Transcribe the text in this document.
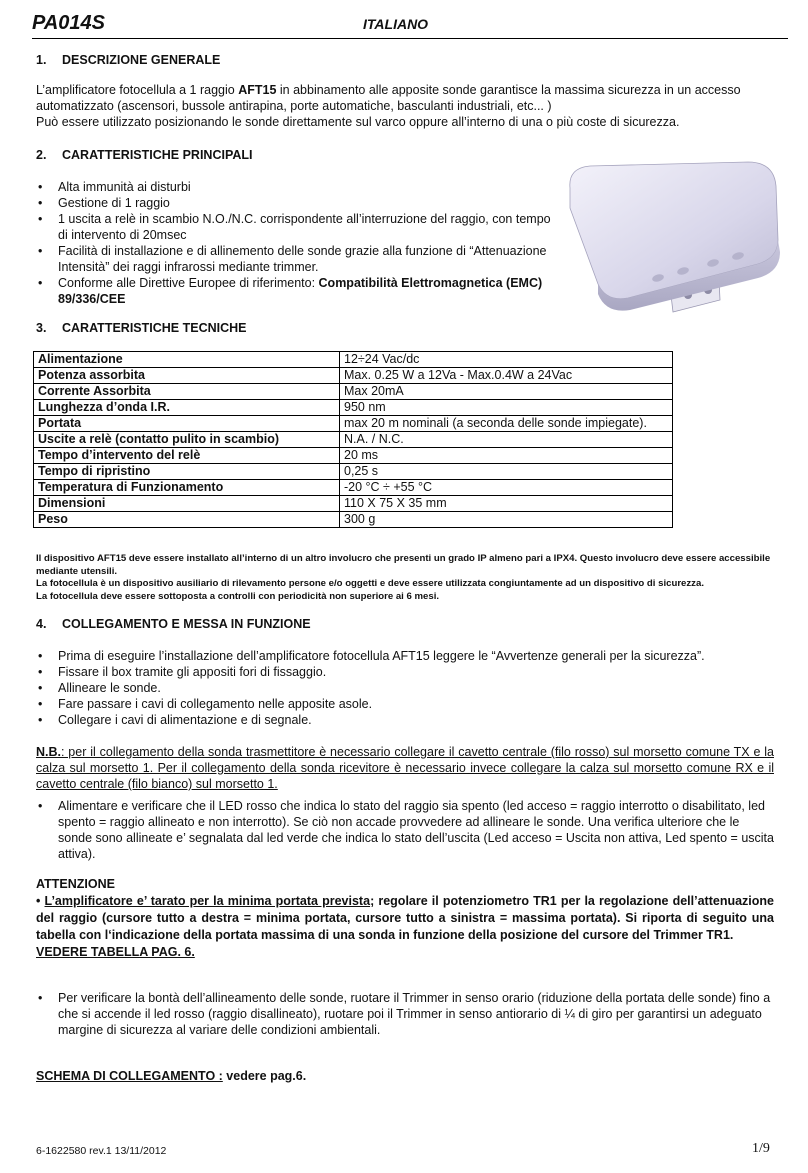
PA014S	ITALIANO
1. DESCRIZIONE GENERALE
L’amplificatore fotocellula a 1 raggio AFT15 in abbinamento alle apposite sonde garantisce la massima sicurezza in un accesso automatizzato (ascensori, bussole antirapina, porte automatiche, basculanti industriali, etc... )
Può essere utilizzato posizionando le sonde direttamente sul varco oppure all’interno di una o più coste di sicurezza.
2. CARATTERISTICHE PRINCIPALI
• Alta immunità ai disturbi
• Gestione di 1 raggio
• 1 uscita a relè in scambio N.O./N.C. corrispondente all’interruzione del raggio, con tempo di intervento di 20msec
• Facilità di installazione e di allinemento delle sonde grazie alla funzione di “Attenuazione Intensità” dei raggi infrarossi mediante trimmer.
• Conforme alle Direttive Europee di riferimento: Compatibilità Elettromagnetica (EMC) 89/336/CEE
3. CARATTERISTICHE TECNICHE
Alimentazione	12÷24 Vac/dc
Potenza assorbita	Max. 0.25 W a 12Va - Max.0.4W a 24Vac
Corrente Assorbita	Max 20mA
Lunghezza d’onda I.R.	950 nm
Portata	max 20 m nominali (a seconda delle sonde impiegate).
Uscite a relè (contatto pulito in scambio)	N.A. / N.C.
Tempo d’intervento del relè	20 ms
Tempo di ripristino	0,25 s
Temperatura di Funzionamento	-20 °C ÷ +55 °C
Dimensioni	110 X 75 X 35 mm
Peso	300 g
Il dispositivo AFT15 deve essere installato all’interno di un altro involucro che presenti un grado IP almeno pari a IPX4. Questo involucro deve essere accessibile mediante utensili.
La fotocellula è un dispositivo ausiliario di rilevamento persone e/o oggetti e deve essere utilizzata congiuntamente ad un dispositivo di sicurezza.
La fotocellula deve essere sottoposta a controlli con periodicità non superiore ai 6 mesi.
4. COLLEGAMENTO E MESSA IN FUNZIONE
• Prima di eseguire l’installazione dell’amplificatore fotocellula AFT15 leggere le “Avvertenze generali per la sicurezza”.
• Fissare il box tramite gli appositi fori di fissaggio.
• Allineare le sonde.
• Fare passare i cavi di collegamento nelle apposite asole.
• Collegare i cavi di alimentazione e di segnale.
N.B.: per il collegamento della sonda trasmettitore è necessario collegare il cavetto centrale (filo rosso) sul morsetto comune TX e la calza sul morsetto 1. Per il collegamento della sonda ricevitore è necessario invece collegare la calza sul morsetto comune RX e il cavetto centrale (filo bianco) sul morsetto 1.
• Alimentare e verificare che il LED rosso che indica lo stato del raggio sia spento (led acceso = raggio interrotto o disabilitato, led spento = raggio allineato e non interrotto). Se ciò non accade provvedere ad allineare le sonde. Una verifica ulteriore che le sonde sono allineate e’ segnalata dal led verde che indica lo stato dell’uscita (Led acceso = Uscita non attiva, Led spento = uscita attiva).
ATTENZIONE
• L’amplificatore e’ tarato per la minima portata prevista; regolare il potenziometro TR1 per la regolazione dell’attenuazione del raggio (cursore tutto a destra = minima portata, cursore tutto a sinistra = massima portata). Si riporta di seguito una tabella con l‘indicazione della portata massima di una sonda in funzione della posizione del cursore del Trimmer TR1.
VEDERE TABELLA PAG. 6.
• Per verificare la bontà dell’allineamento delle sonde, ruotare il Trimmer in senso orario (riduzione della portata delle sonde) fino a che si accende il led rosso (raggio disallineato), ruotare poi il Trimmer in senso antiorario di ¼ di giro per garantirsi un adeguato margine di sicurezza al variare delle condizioni ambientali.
SCHEMA DI COLLEGAMENTO : vedere pag.6.
6-1622580 rev.1 13/11/2012	1/9
